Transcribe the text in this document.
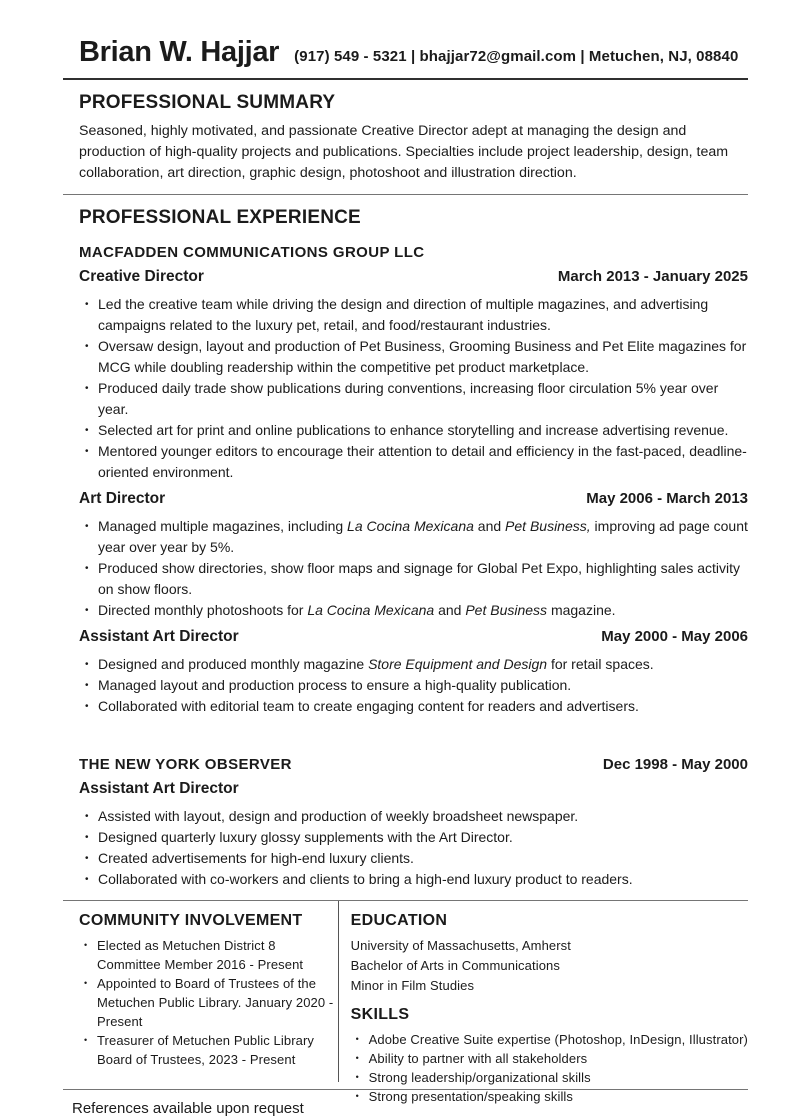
Brian W. Hajjar (917) 549 - 5321 | bhajjar72@gmail.com | Metuchen, NJ, 08840
PROFESSIONAL SUMMARY
Seasoned, highly motivated, and passionate Creative Director adept at managing the design and production of high-quality projects and publications. Specialties include project leadership, design, team collaboration, art direction, graphic design, photoshoot and illustration direction.
PROFESSIONAL EXPERIENCE
MACFADDEN COMMUNICATIONS GROUP LLC
Creative Director	March 2013 - January 2025
• Led the creative team while driving the design and direction of multiple magazines, and advertising campaigns related to the luxury pet, retail, and food/restaurant industries.
• Oversaw design, layout and production of Pet Business, Grooming Business and Pet Elite magazines for MCG while doubling readership within the competitive pet product marketplace.
• Produced daily trade show publications during conventions, increasing floor circulation 5% year over year.
• Selected art for print and online publications to enhance storytelling and increase advertising revenue.
• Mentored younger editors to encourage their attention to detail and efficiency in the fast-paced, deadline-oriented environment.
Art Director	May 2006 - March 2013
• Managed multiple magazines, including La Cocina Mexicana and Pet Business, improving ad page count year over year by 5%.
• Produced show directories, show floor maps and signage for Global Pet Expo, highlighting sales activity on show floors.
• Directed monthly photoshoots for La Cocina Mexicana and Pet Business magazine.
Assistant Art Director	May 2000 - May 2006
• Designed and produced monthly magazine Store Equipment and Design for retail spaces.
• Managed layout and production process to ensure a high-quality publication.
• Collaborated with editorial team to create engaging content for readers and advertisers.
THE NEW YORK OBSERVER	Dec 1998 - May 2000
Assistant Art Director
• Assisted with layout, design and production of weekly broadsheet newspaper.
• Designed quarterly luxury glossy supplements with the Art Director.
• Created advertisements for high-end luxury clients.
• Collaborated with co-workers and clients to bring a high-end luxury product to readers.
COMMUNITY INVOLVEMENT
• Elected as Metuchen District 8 Committee Member 2016 - Present
• Appointed to Board of Trustees of the Metuchen Public Library. January 2020 - Present
• Treasurer of Metuchen Public Library Board of Trustees, 2023 - Present
EDUCATION
University of Massachusetts, Amherst
Bachelor of Arts in Communications
Minor in Film Studies
SKILLS
• Adobe Creative Suite expertise (Photoshop, InDesign, Illustrator)
• Ability to partner with all stakeholders
• Strong leadership/organizational skills
• Strong presentation/speaking skills
References available upon request
